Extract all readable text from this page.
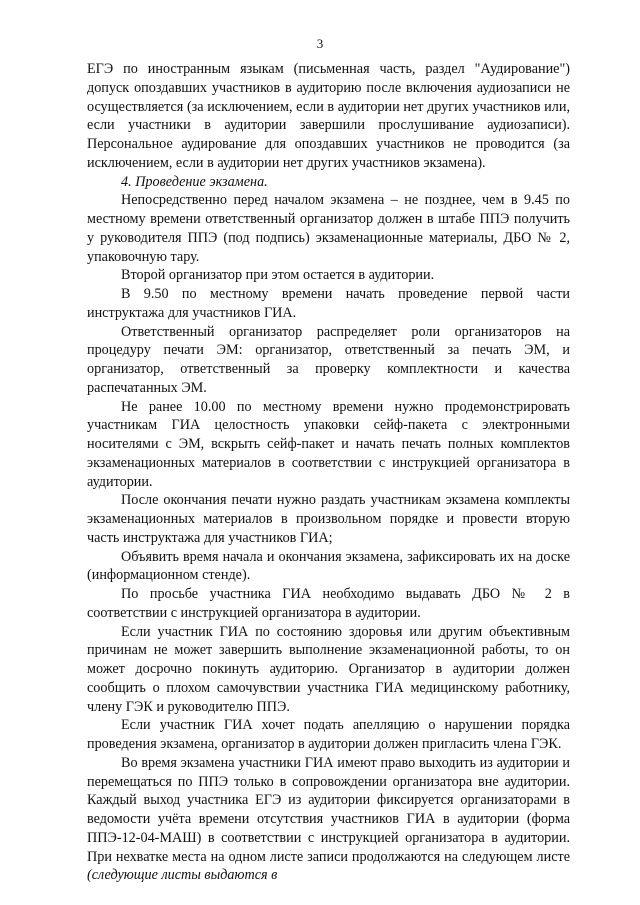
3

ЕГЭ по иностранным языкам (письменная часть, раздел "Аудирование") допуск опоздавших участников в аудиторию после включения аудиозаписи не осуществляется (за исключением, если в аудитории нет других участников или, если участники в аудитории завершили прослушивание аудиозаписи). Персональное аудирование для опоздавших участников не проводится (за исключением, если в аудитории нет других участников экзамена).

4. Проведение экзамена.

Непосредственно перед началом экзамена – не позднее, чем в 9.45 по местному времени ответственный организатор должен в штабе ППЭ получить у руководителя ППЭ (под подпись) экзаменационные материалы, ДБО № 2, упаковочную тару.

Второй организатор при этом остается в аудитории.

В 9.50 по местному времени начать проведение первой части инструктажа для участников ГИА.

Ответственный организатор распределяет роли организаторов на процедуру печати ЭМ: организатор, ответственный за печать ЭМ, и организатор, ответственный за проверку комплектности и качества распечатанных ЭМ.

Не ранее 10.00 по местному времени нужно продемонстрировать участникам ГИА целостность упаковки сейф-пакета с электронными носителями с ЭМ, вскрыть сейф-пакет и начать печать полных комплектов экзаменационных материалов в соответствии с инструкцией организатора в аудитории.

После окончания печати нужно раздать участникам экзамена комплекты экзаменационных материалов в произвольном порядке и провести вторую часть инструктажа для участников ГИА;

Объявить время начала и окончания экзамена, зафиксировать их на доске (информационном стенде).

По просьбе участника ГИА необходимо выдавать ДБО № 2 в соответствии с инструкцией организатора в аудитории.

Если участник ГИА по состоянию здоровья или другим объективным причинам не может завершить выполнение экзаменационной работы, то он может досрочно покинуть аудиторию. Организатор в аудитории должен сообщить о плохом самочувствии участника ГИА медицинскому работнику, члену ГЭК и руководителю ППЭ.

Если участник ГИА хочет подать апелляцию о нарушении порядка проведения экзамена, организатор в аудитории должен пригласить члена ГЭК.

Во время экзамена участники ГИА имеют право выходить из аудитории и перемещаться по ППЭ только в сопровождении организатора вне аудитории. Каждый выход участника ЕГЭ из аудитории фиксируется организаторами в ведомости учёта времени отсутствия участников ГИА в аудитории (форма ППЭ-12-04-МАШ) в соответствии с инструкцией организатора в аудитории. При нехватке места на одном листе записи продолжаются на следующем листе (следующие листы выдаются в
